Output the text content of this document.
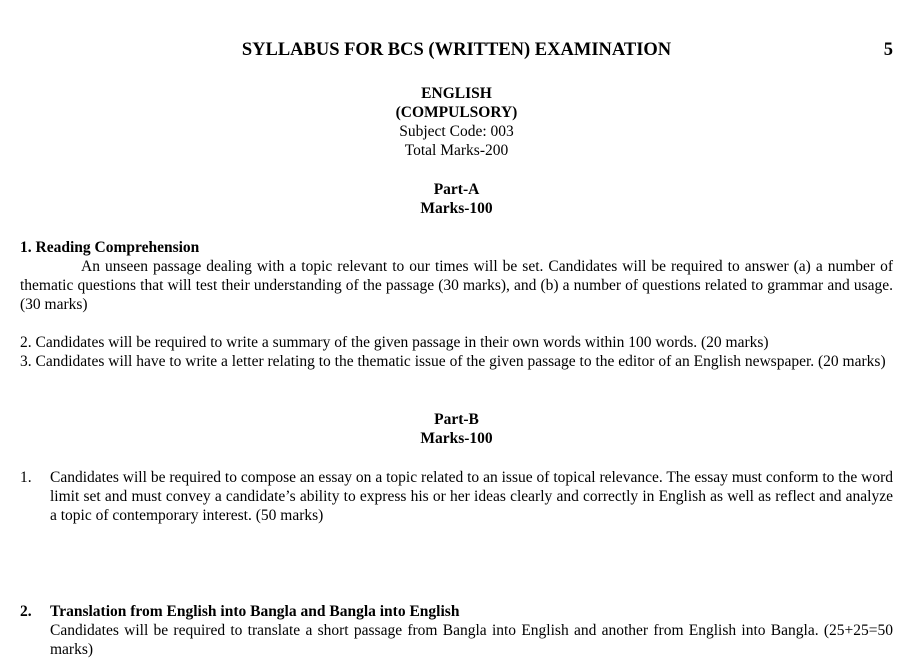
SYLLABUS FOR BCS (WRITTEN) EXAMINATION	5
ENGLISH
(COMPULSORY)
Subject Code: 003
Total Marks-200
Part-A
Marks-100

1. Reading Comprehension

An unseen passage dealing with a topic relevant to our times will be set. Candidates will be required to answer (a) a number of thematic questions that will test their understanding of the passage (30 marks), and (b) a number of questions related to grammar and usage. (30 marks)

2. Candidates will be required to write a summary of the given passage in their own words within 100 words. (20 marks)

3. Candidates will have to write a letter relating to the thematic issue of the given passage to the editor of an English newspaper. (20 marks)

Part-B
Marks-100
1. Candidates will be required to compose an essay on a topic related to an issue of topical relevance. The essay must conform to the word limit set and must convey a candidate’s ability to express his or her ideas clearly and correctly in English as well as reflect and analyze a topic of contemporary interest. (50 marks)

2. Translation from English into Bangla and Bangla into English

Candidates will be required to translate a short passage from Bangla into English and another from English into Bangla. (25+25=50 marks)
